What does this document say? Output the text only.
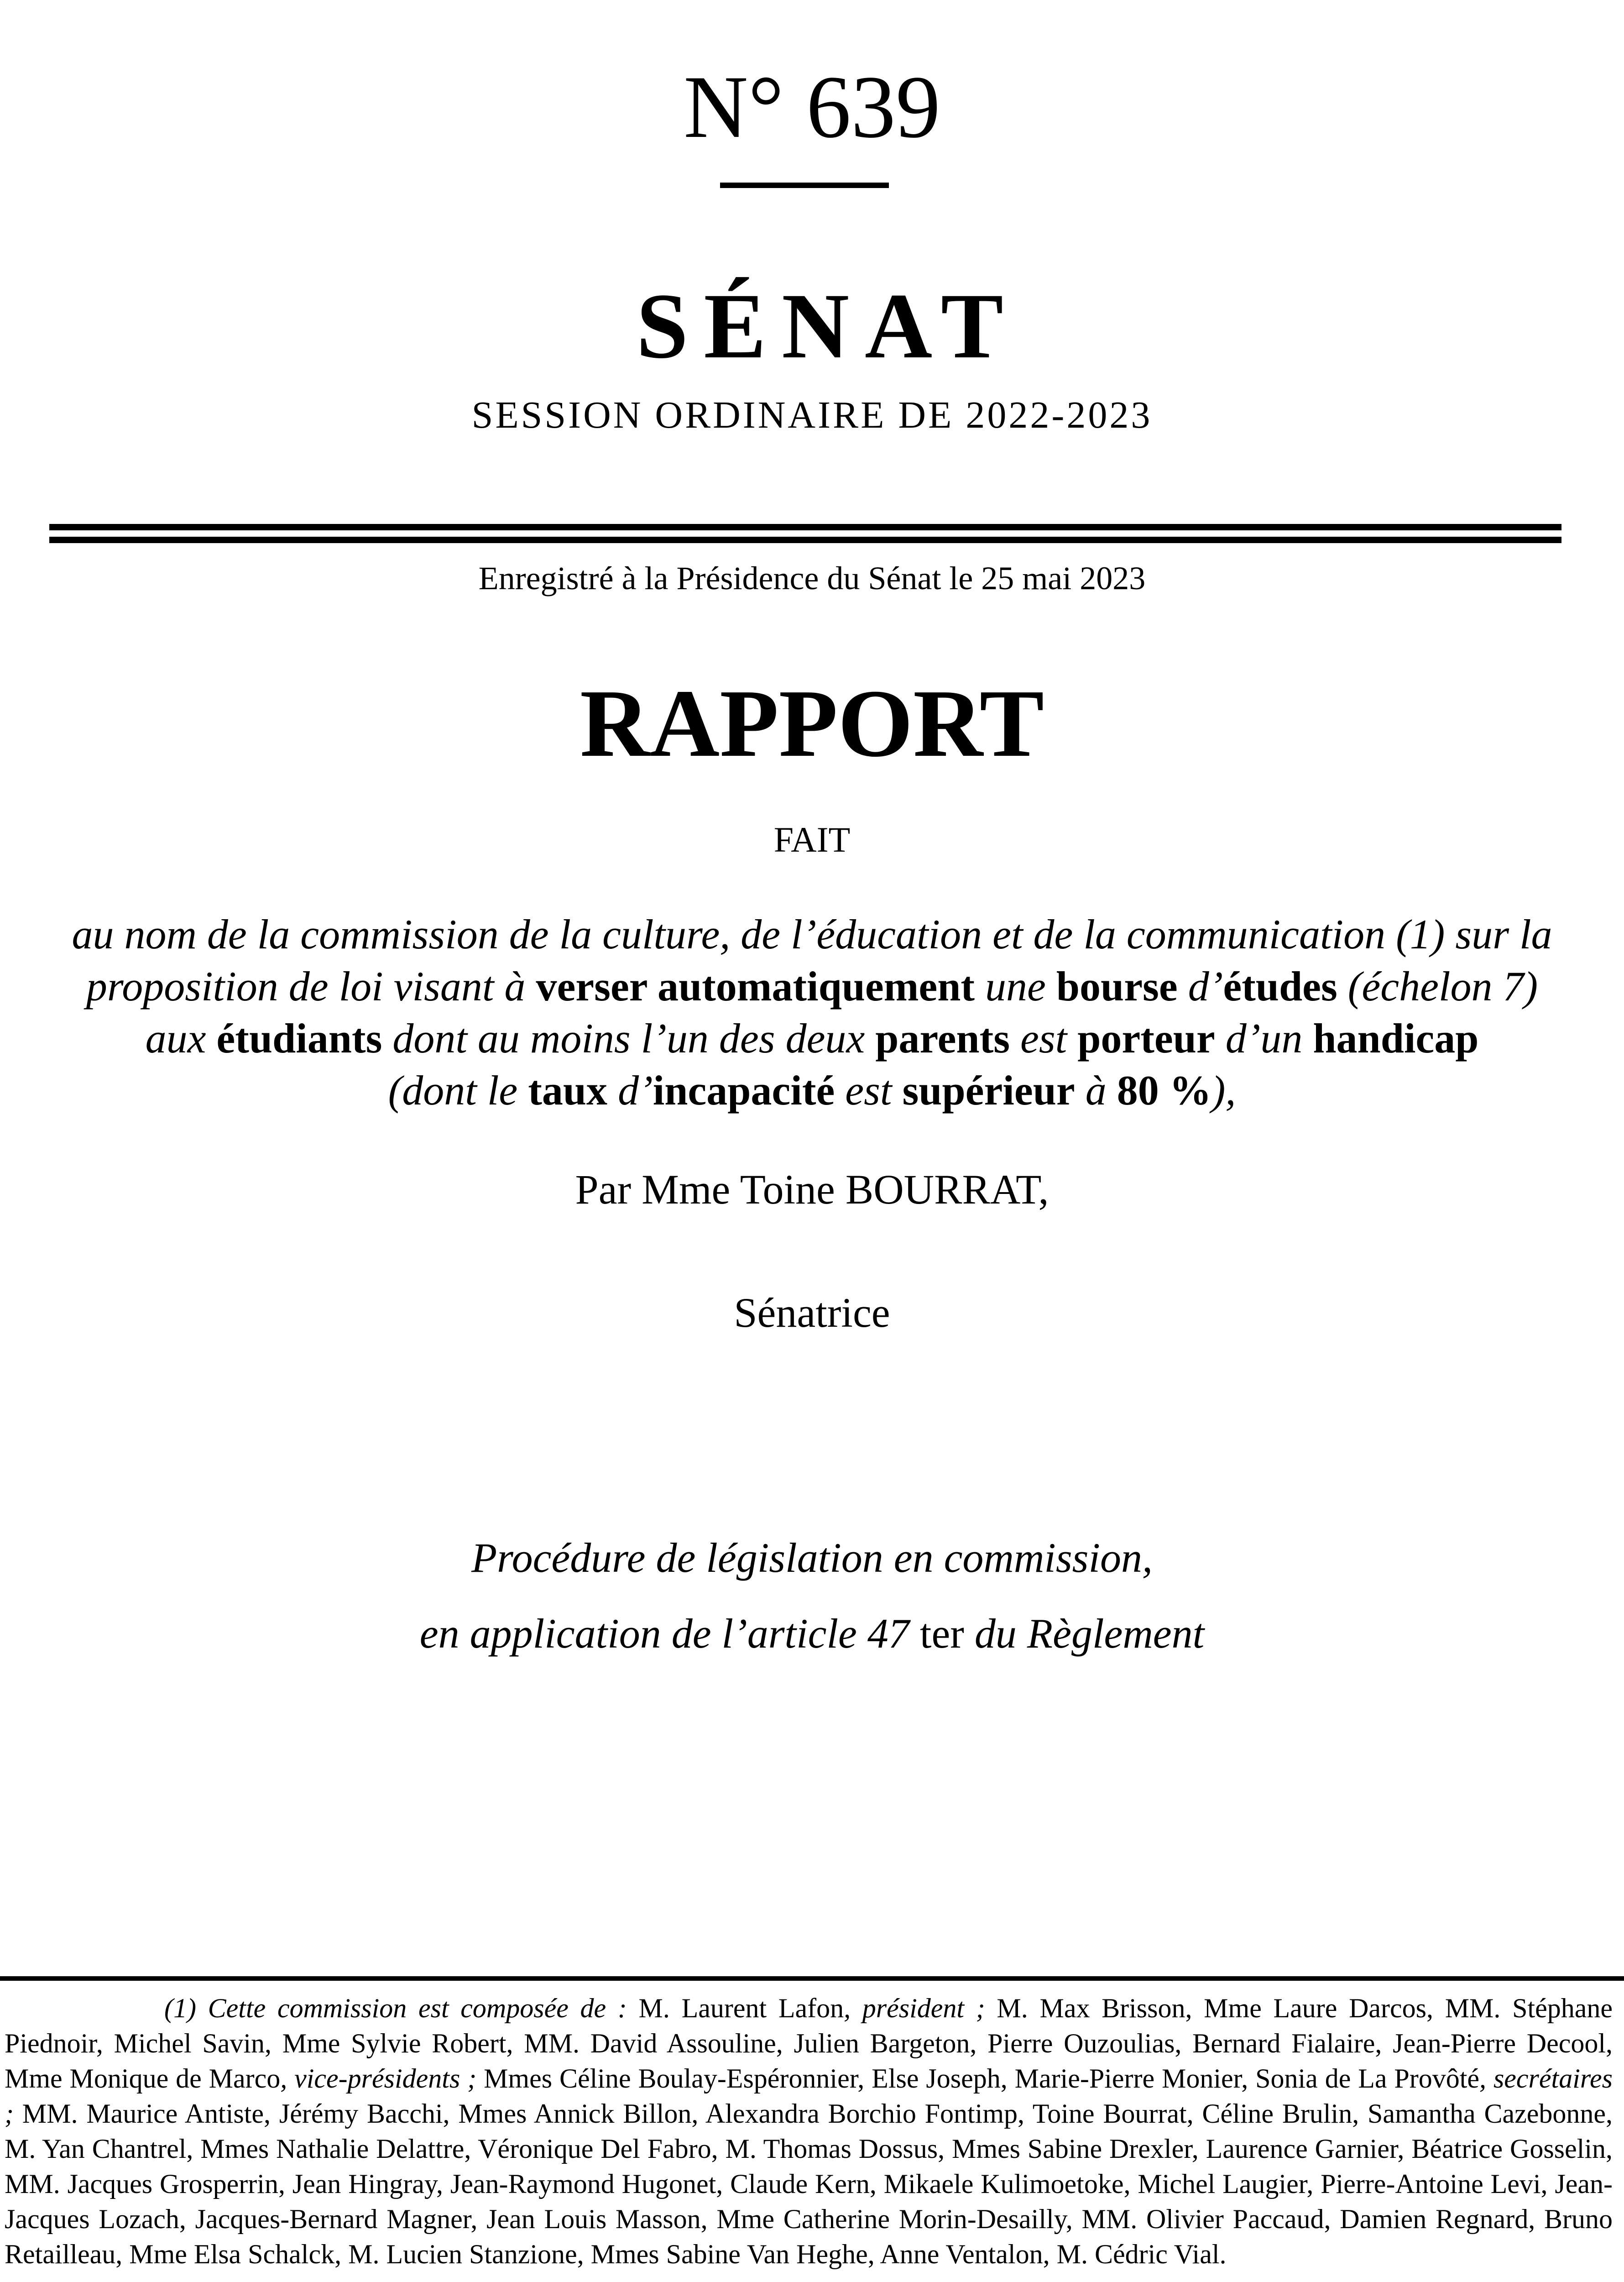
N° 639
SÉNAT
SESSION ORDINAIRE DE 2022-2023
Enregistré à la Présidence du Sénat le 25 mai 2023
RAPPORT
FAIT
au nom de la commission de la culture, de l’éducation et de la communication (1) sur la
proposition de loi visant à verser automatiquement une bourse d’études (échelon 7)
aux étudiants dont au moins l’un des deux parents est porteur d’un handicap
(dont le taux d’incapacité est supérieur à 80 %),
Par Mme Toine BOURRAT,
Sénatrice
Procédure de législation en commission,
en application de l’article 47 ter du Règlement
(1) Cette commission est composée de : M. Laurent Lafon, président ; M. Max Brisson, Mme Laure Darcos, MM. Stéphane Piednoir, Michel Savin, Mme Sylvie Robert, MM. David Assouline, Julien Bargeton, Pierre Ouzoulias, Bernard Fialaire, Jean-Pierre Decool, Mme Monique de Marco, vice-présidents ; Mmes Céline Boulay-Espéronnier, Else Joseph, Marie-Pierre Monier, Sonia de La Provôté, secrétaires ; MM. Maurice Antiste, Jérémy Bacchi, Mmes Annick Billon, Alexandra Borchio Fontimp, Toine Bourrat, Céline Brulin, Samantha Cazebonne, M. Yan Chantrel, Mmes Nathalie Delattre, Véronique Del Fabro, M. Thomas Dossus, Mmes Sabine Drexler, Laurence Garnier, Béatrice Gosselin, MM. Jacques Grosperrin, Jean Hingray, Jean-Raymond Hugonet, Claude Kern, Mikaele Kulimoetoke, Michel Laugier, Pierre-Antoine Levi, Jean-Jacques Lozach, Jacques-Bernard Magner, Jean Louis Masson, Mme Catherine Morin-Desailly, MM. Olivier Paccaud, Damien Regnard, Bruno Retailleau, Mme Elsa Schalck, M. Lucien Stanzione, Mmes Sabine Van Heghe, Anne Ventalon, M. Cédric Vial.
